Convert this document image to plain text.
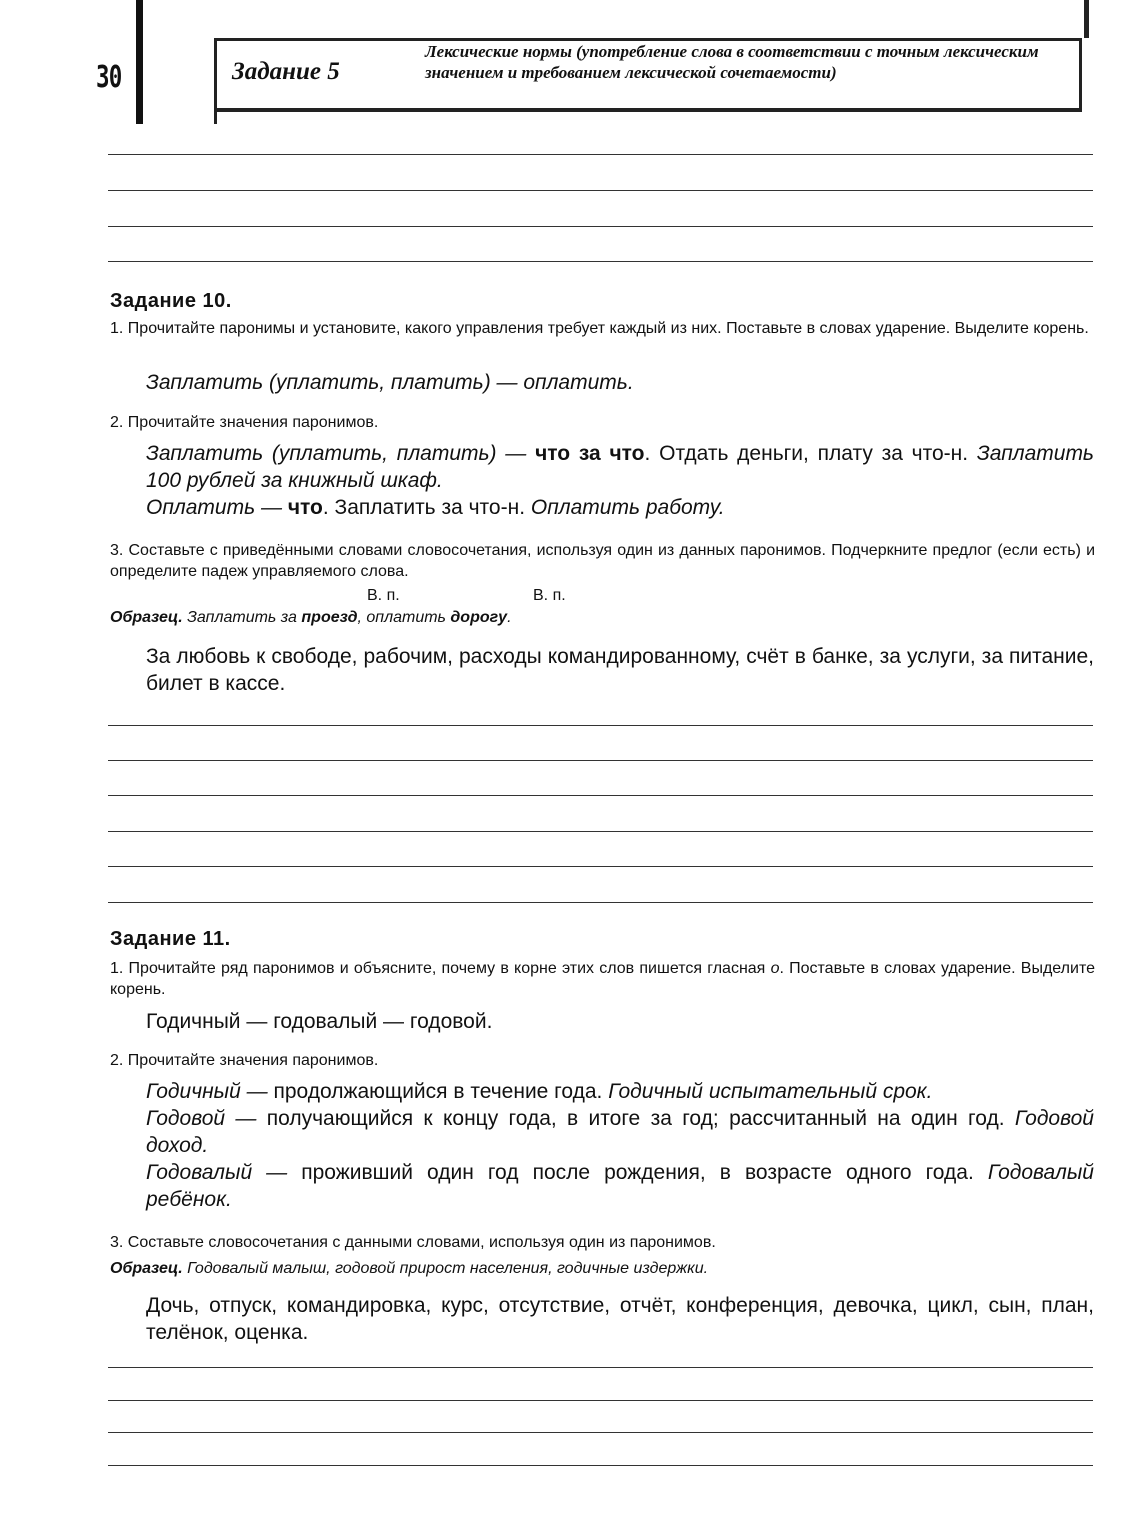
30	Задание 5
Лексические нормы (употребление слова в соответствии с точным лексическим значением и требованием лексической сочетаемости)
Задание 10.
1. Прочитайте паронимы и установите, какого управления требует каждый из них. Поставьте в словах ударение. Выделите корень.
Заплатить (уплатить, платить) — оплатить.
2. Прочитайте значения паронимов.
Заплатить (уплатить, платить) — что за что. Отдать деньги, плату за что-н. Заплатить 100 рублей за книжный шкаф.
Оплатить — что. Заплатить за что-н. Оплатить работу.
3. Составьте с приведёнными словами словосочетания, используя один из данных паронимов. Подчеркните предлог (если есть) и определите падеж управляемого слова.
В. п.	В. п.
Образец. Заплатить за проезд, оплатить дорогу.
За любовь к свободе, рабочим, расходы командированному, счёт в банке, за услуги, за питание, билет в кассе.
Задание 11.
1. Прочитайте ряд паронимов и объясните, почему в корне этих слов пишется гласная о. Поставьте в словах ударение. Выделите корень.
Годичный — годовалый — годовой.
2. Прочитайте значения паронимов.
Годичный — продолжающийся в течение года. Годичный испытательный срок.
Годовой — получающийся к концу года, в итоге за год; рассчитанный на один год. Годовой доход.
Годовалый — проживший один год после рождения, в возрасте одного года. Годовалый ребёнок.
3. Составьте словосочетания с данными словами, используя один из паронимов.
Образец. Годовалый малыш, годовой прирост населения, годичные издержки.
Дочь, отпуск, командировка, курс, отсутствие, отчёт, конференция, девочка, цикл, сын, план, телёнок, оценка.
